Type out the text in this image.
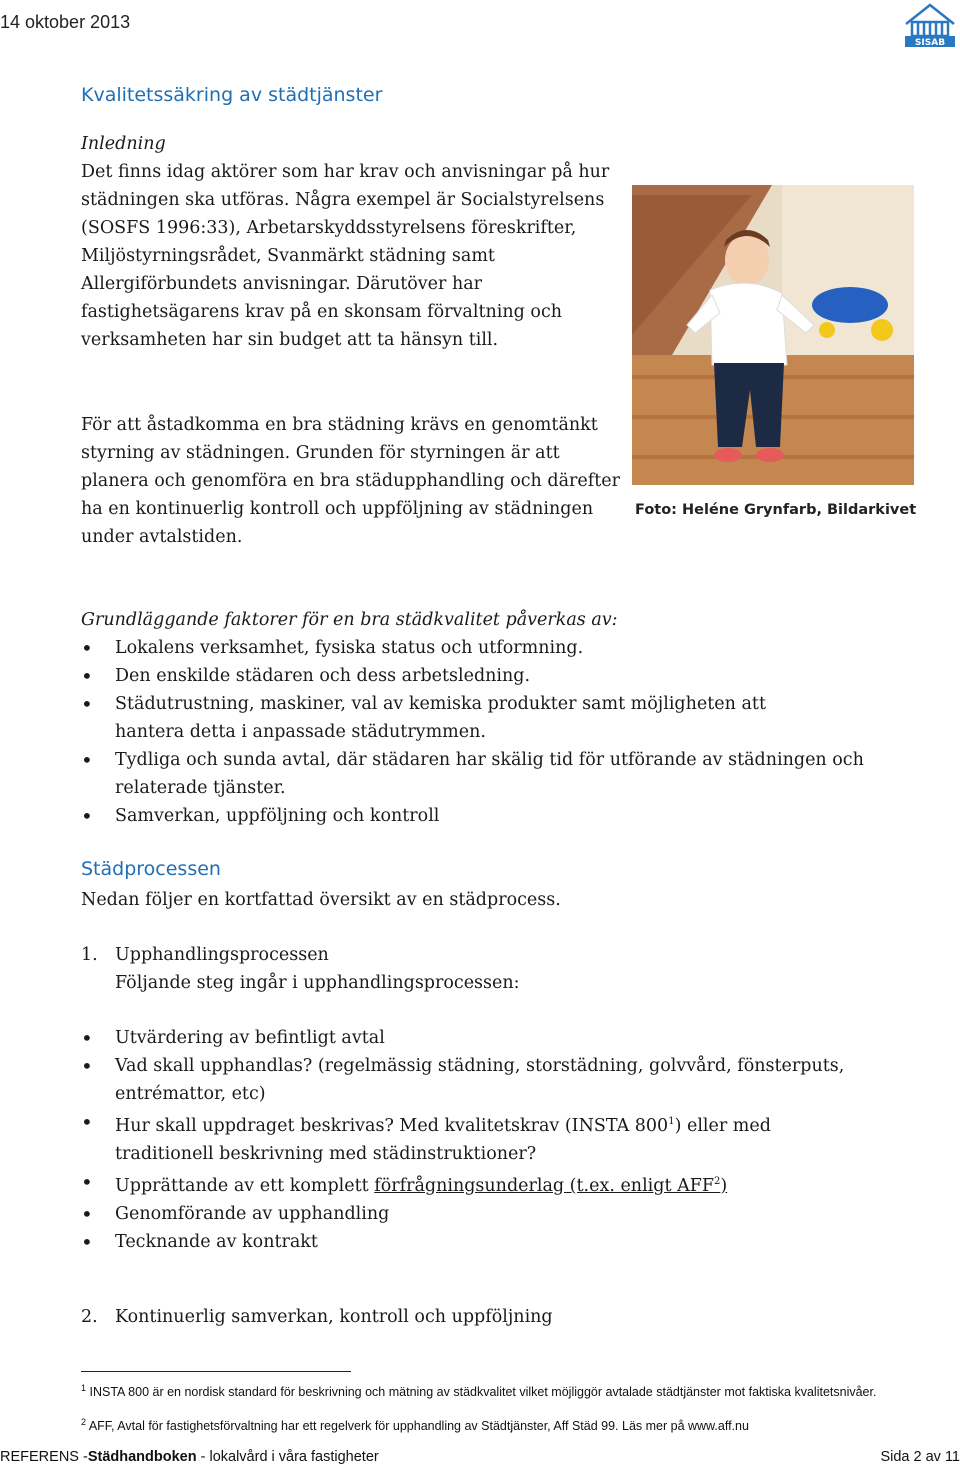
14 oktober 2013
SISAB
Kvalitetssäkring av städtjänster
Inledning
Det finns idag aktörer som har krav och anvisningar på hur städningen ska utföras. Några exempel är Socialstyrelsens (SOSFS 1996:33), Arbetarskyddsstyrelsens föreskrifter, Miljöstyrningsrådet, Svanmärkt städning samt Allergiförbundets anvisningar. Därutöver har fastighetsägarens krav på en skonsam förvaltning och verksamheten har sin budget att ta hänsyn till.
För att åstadkomma en bra städning krävs en genomtänkt styrning av städningen. Grunden för styrningen är att planera och genomföra en bra städupphandling och därefter ha en kontinuerlig kontroll och uppföljning av städningen under avtalstiden.
Foto: Heléne Grynfarb, Bildarkivet
Grundläggande faktorer för en bra städkvalitet påverkas av:
• Lokalens verksamhet, fysiska status och utformning.
• Den enskilde städaren och dess arbetsledning.
• Städutrustning, maskiner, val av kemiska produkter samt möjligheten att hantera detta i anpassade städutrymmen.
• Tydliga och sunda avtal, där städaren har skälig tid för utförande av städningen och relaterade tjänster.
• Samverkan, uppföljning och kontroll
Städprocessen
Nedan följer en kortfattad översikt av en städprocess.
1. Upphandlingsprocessen
Följande steg ingår i upphandlingsprocessen:
• Utvärdering av befintligt avtal
• Vad skall upphandlas? (regelmässig städning, storstädning, golvvård, fönsterputs, entrémattor, etc)
• Hur skall uppdraget beskrivas? Med kvalitetskrav (INSTA $800^1$) eller med traditionell beskrivning med städinstruktioner?
• Upprättande av ett komplett förfrågningsunderlag (t.ex. enligt AFF$^2$)
• Genomförande av upphandling
• Tecknande av kontrakt
2. Kontinuerlig samverkan, kontroll och uppföljning
$^1$ INSTA 800 är en nordisk standard för beskrivning och mätning av städkvalitet vilket möjliggör avtalade städtjänster mot faktiska kvalitetsnivåer.
$^2$ AFF, Avtal för fastighetsförvaltning har ett regelverk för upphandling av Städtjänster, Aff Städ 99. Läs mer på www.aff.nu
REFERENS -Städhandboken - lokalvård i våra fastigheter	Sida 2 av 11
